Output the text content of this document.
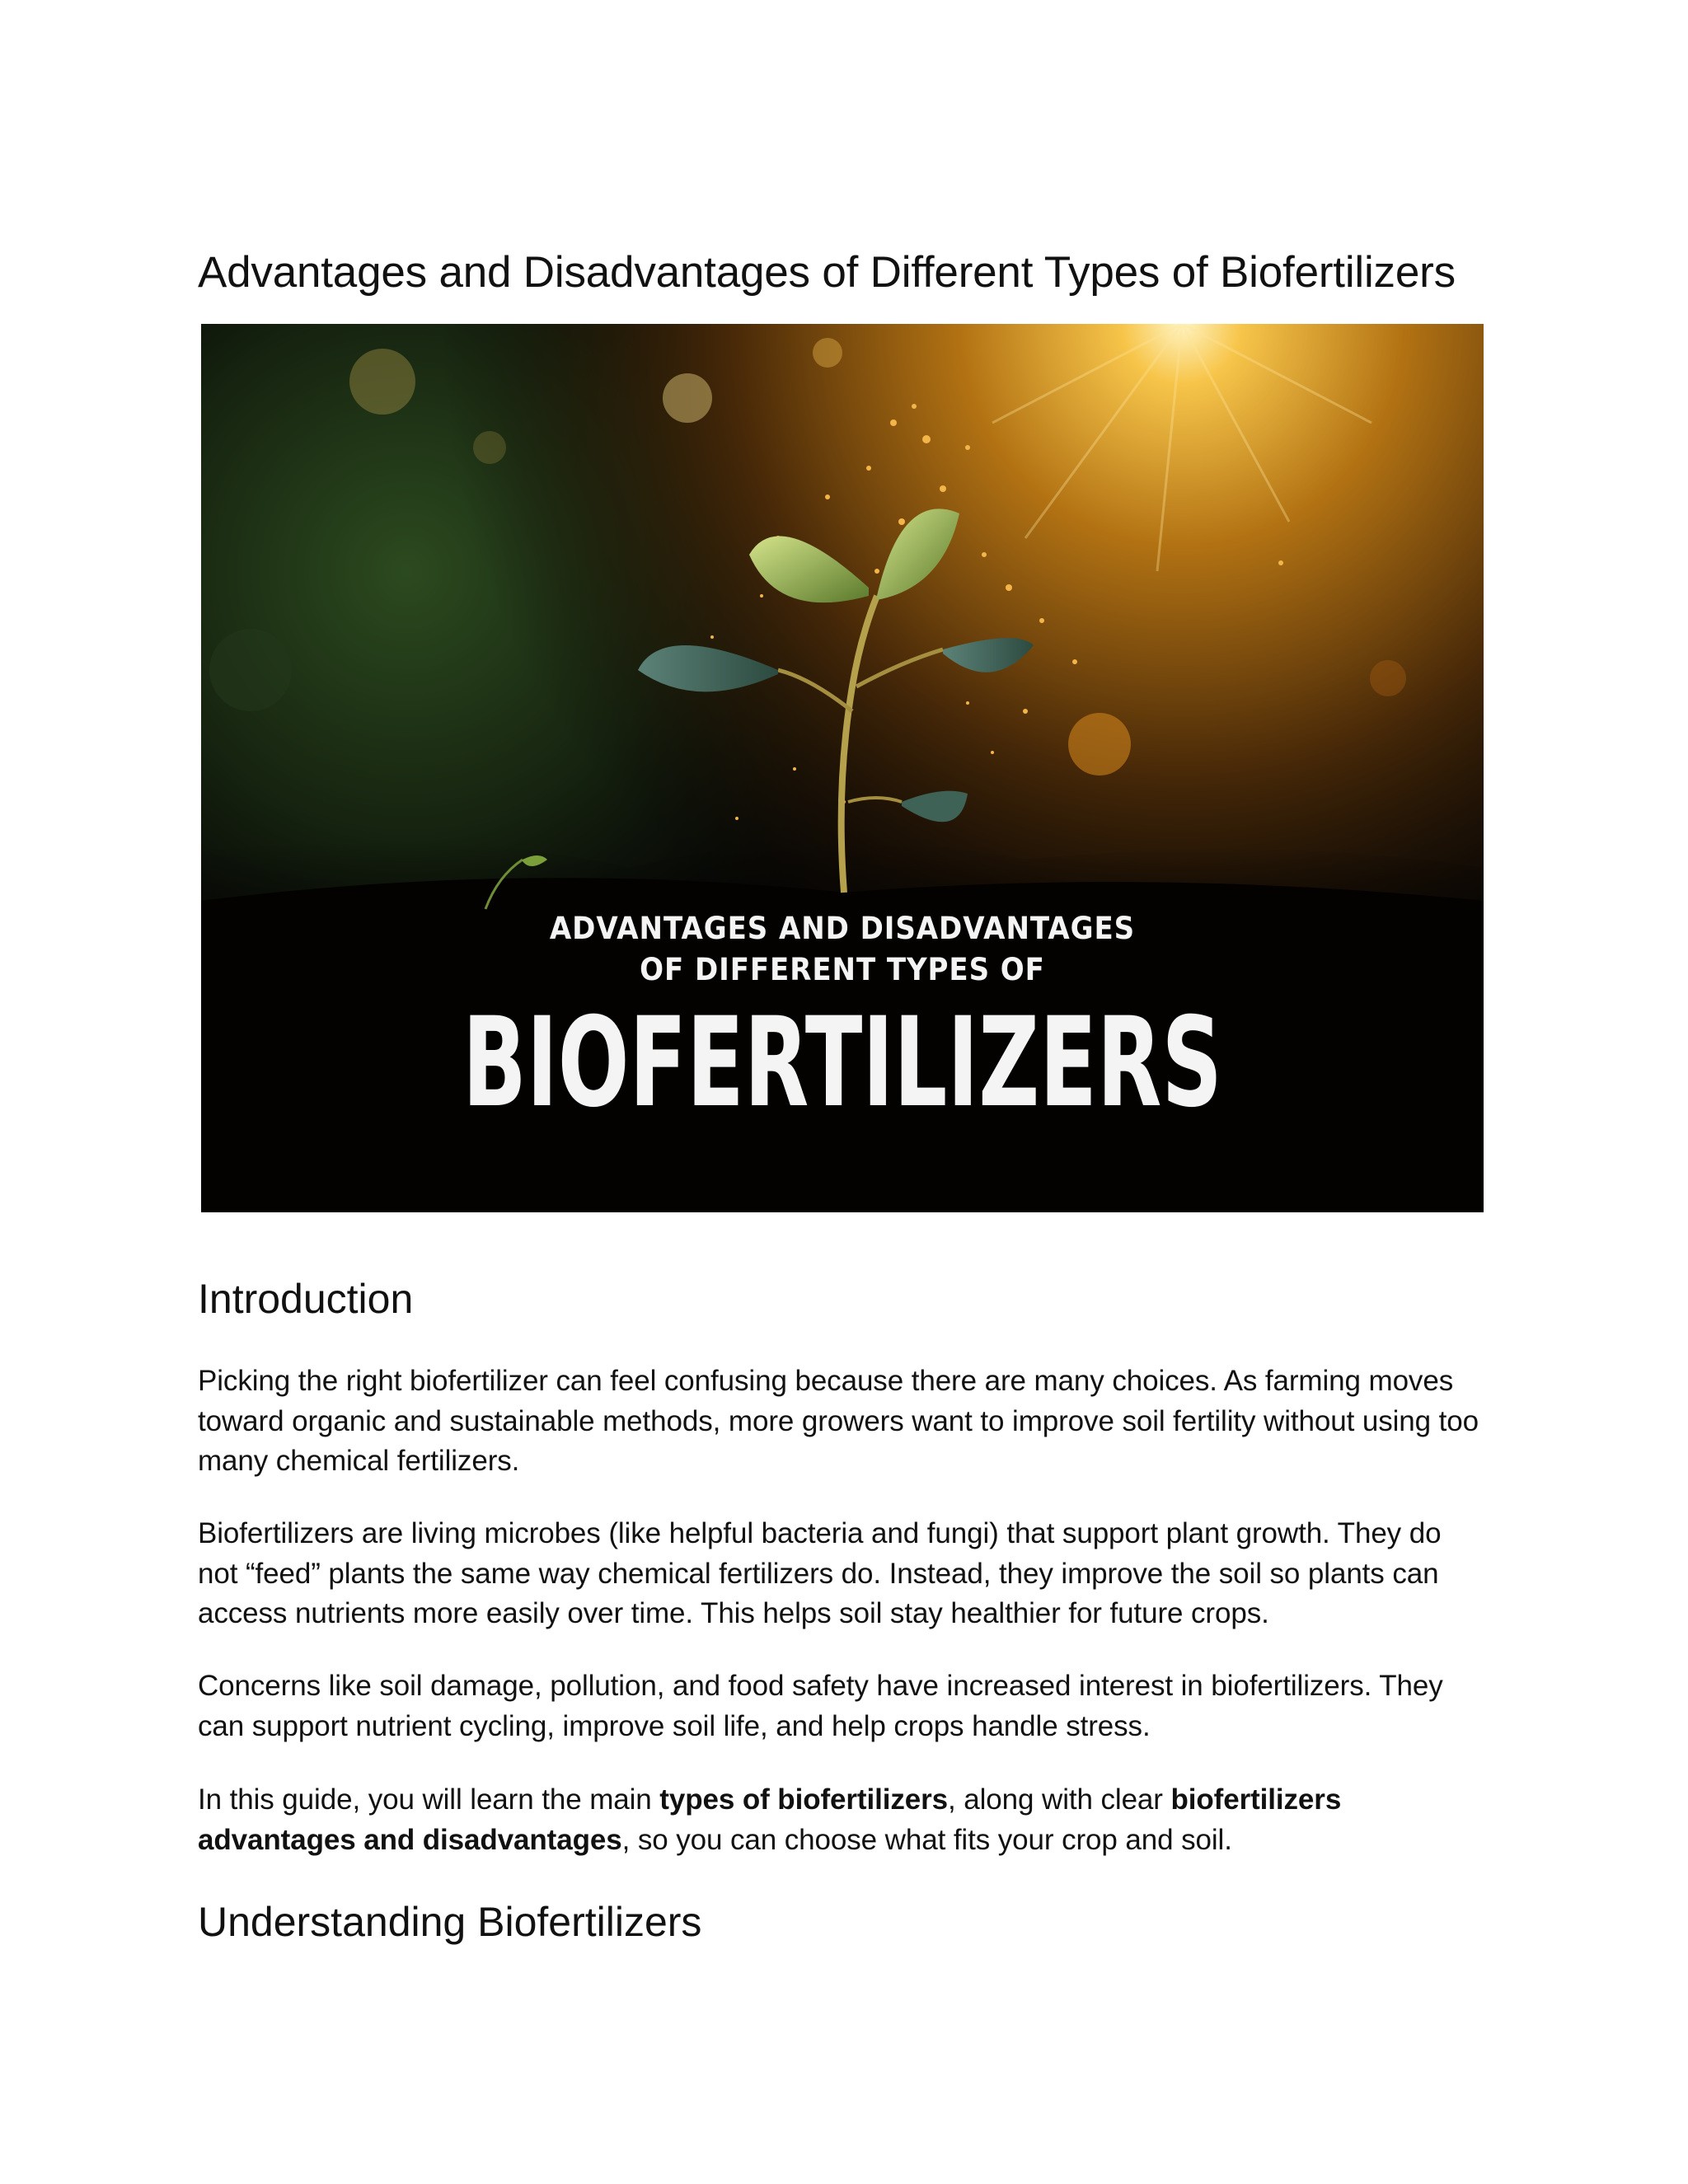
Advantages and Disadvantages of Different Types of Biofertilizers
ADVANTAGES AND DISADVANTAGES
OF DIFFERENT TYPES OF
BIOFERTILIZERS
Introduction

Picking the right biofertilizer can feel confusing because there are many choices. As farming moves toward organic and sustainable methods, more growers want to improve soil fertility without using too many chemical fertilizers.

Biofertilizers are living microbes (like helpful bacteria and fungi) that support plant growth. They do not “feed” plants the same way chemical fertilizers do. Instead, they improve the soil so plants can access nutrients more easily over time. This helps soil stay healthier for future crops.

Concerns like soil damage, pollution, and food safety have increased interest in biofertilizers. They can support nutrient cycling, improve soil life, and help crops handle stress.

In this guide, you will learn the main types of biofertilizers, along with clear biofertilizers advantages and disadvantages, so you can choose what fits your crop and soil.

Understanding Biofertilizers
